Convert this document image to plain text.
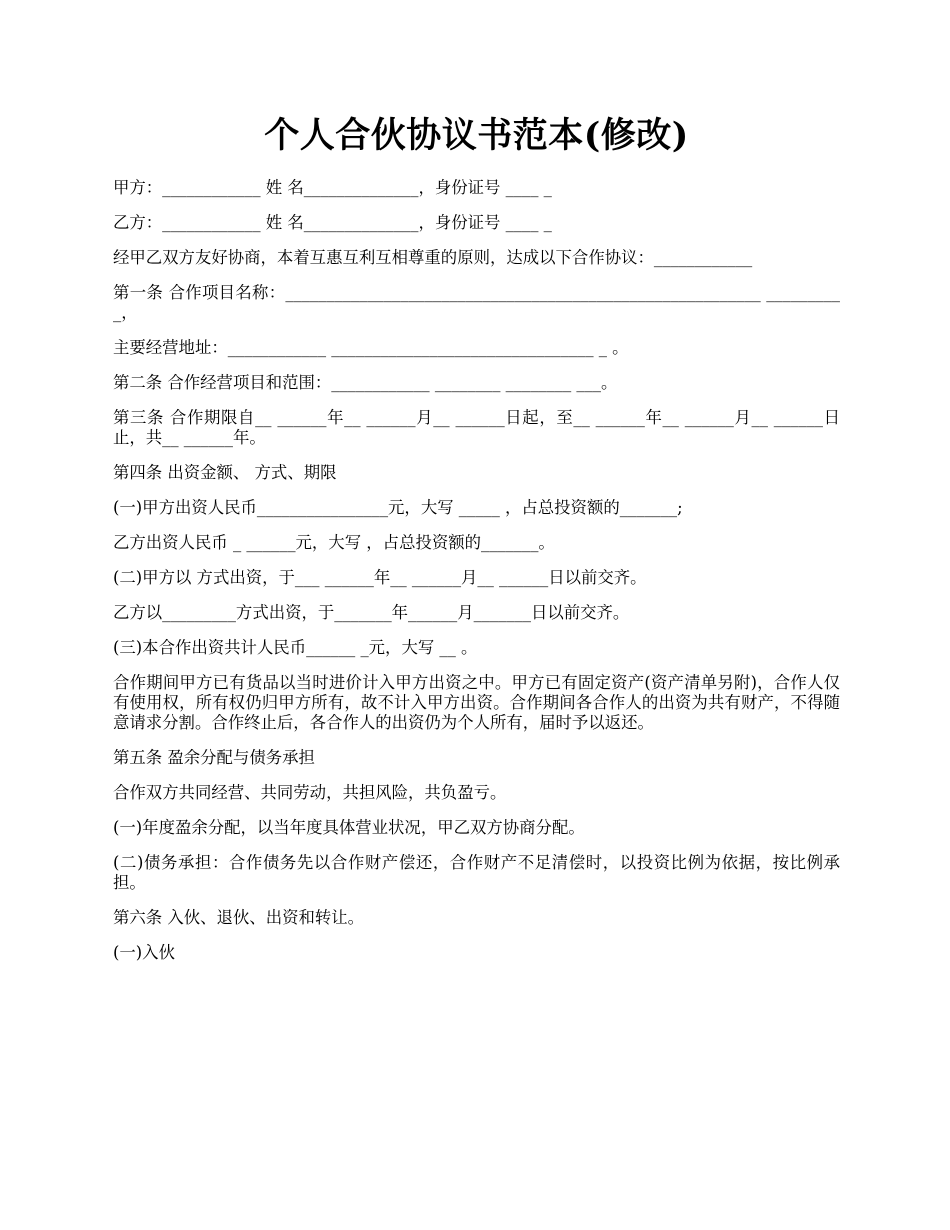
个人合伙协议书范本(修改)

甲方：____________ 姓 名______________，身份证号 ____ _

乙方：____________ 姓 名______________，身份证号 ____ _

经甲乙双方友好协商，本着互惠互利互相尊重的原则，达成以下合作协议：____________

第一条 合作项目名称：__________________________________________________________ __________，

主要经营地址：____________ ________________________________ _ 。

第二条 合作经营项目和范围：____________ ________ ________ ___。

第三条 合作期限自__ ______年__ ______月__ ______日起，至__ ______年__ ______月__ ______日止，共__ ______年。

第四条 出资金额、 方式、期限

(一)甲方出资人民币________________元，大写 _____ ，占总投资额的_______;

乙方出资人民币 _ ______元，大写 ，占总投资额的_______。

(二)甲方以 方式出资，于___ ______年__ ______月__ ______日以前交齐。

乙方以_________方式出资，于_______年______月_______日以前交齐。

(三)本合作出资共计人民币______ _元，大写 __ 。

合作期间甲方已有货品以当时进价计入甲方出资之中。甲方已有固定资产(资产清单另附)，合作人仅有使用权，所有权仍归甲方所有，故不计入甲方出资。合作期间各合作人的出资为共有财产，不得随意请求分割。合作终止后，各合作人的出资仍为个人所有，届时予以返还。

第五条 盈余分配与债务承担

合作双方共同经营、共同劳动，共担风险，共负盈亏。

(一)年度盈余分配，以当年度具体营业状况，甲乙双方协商分配。

(二)债务承担：合作债务先以合作财产偿还，合作财产不足清偿时，以投资比例为依据，按比例承担。

第六条 入伙、退伙、出资和转让。

(一)入伙
